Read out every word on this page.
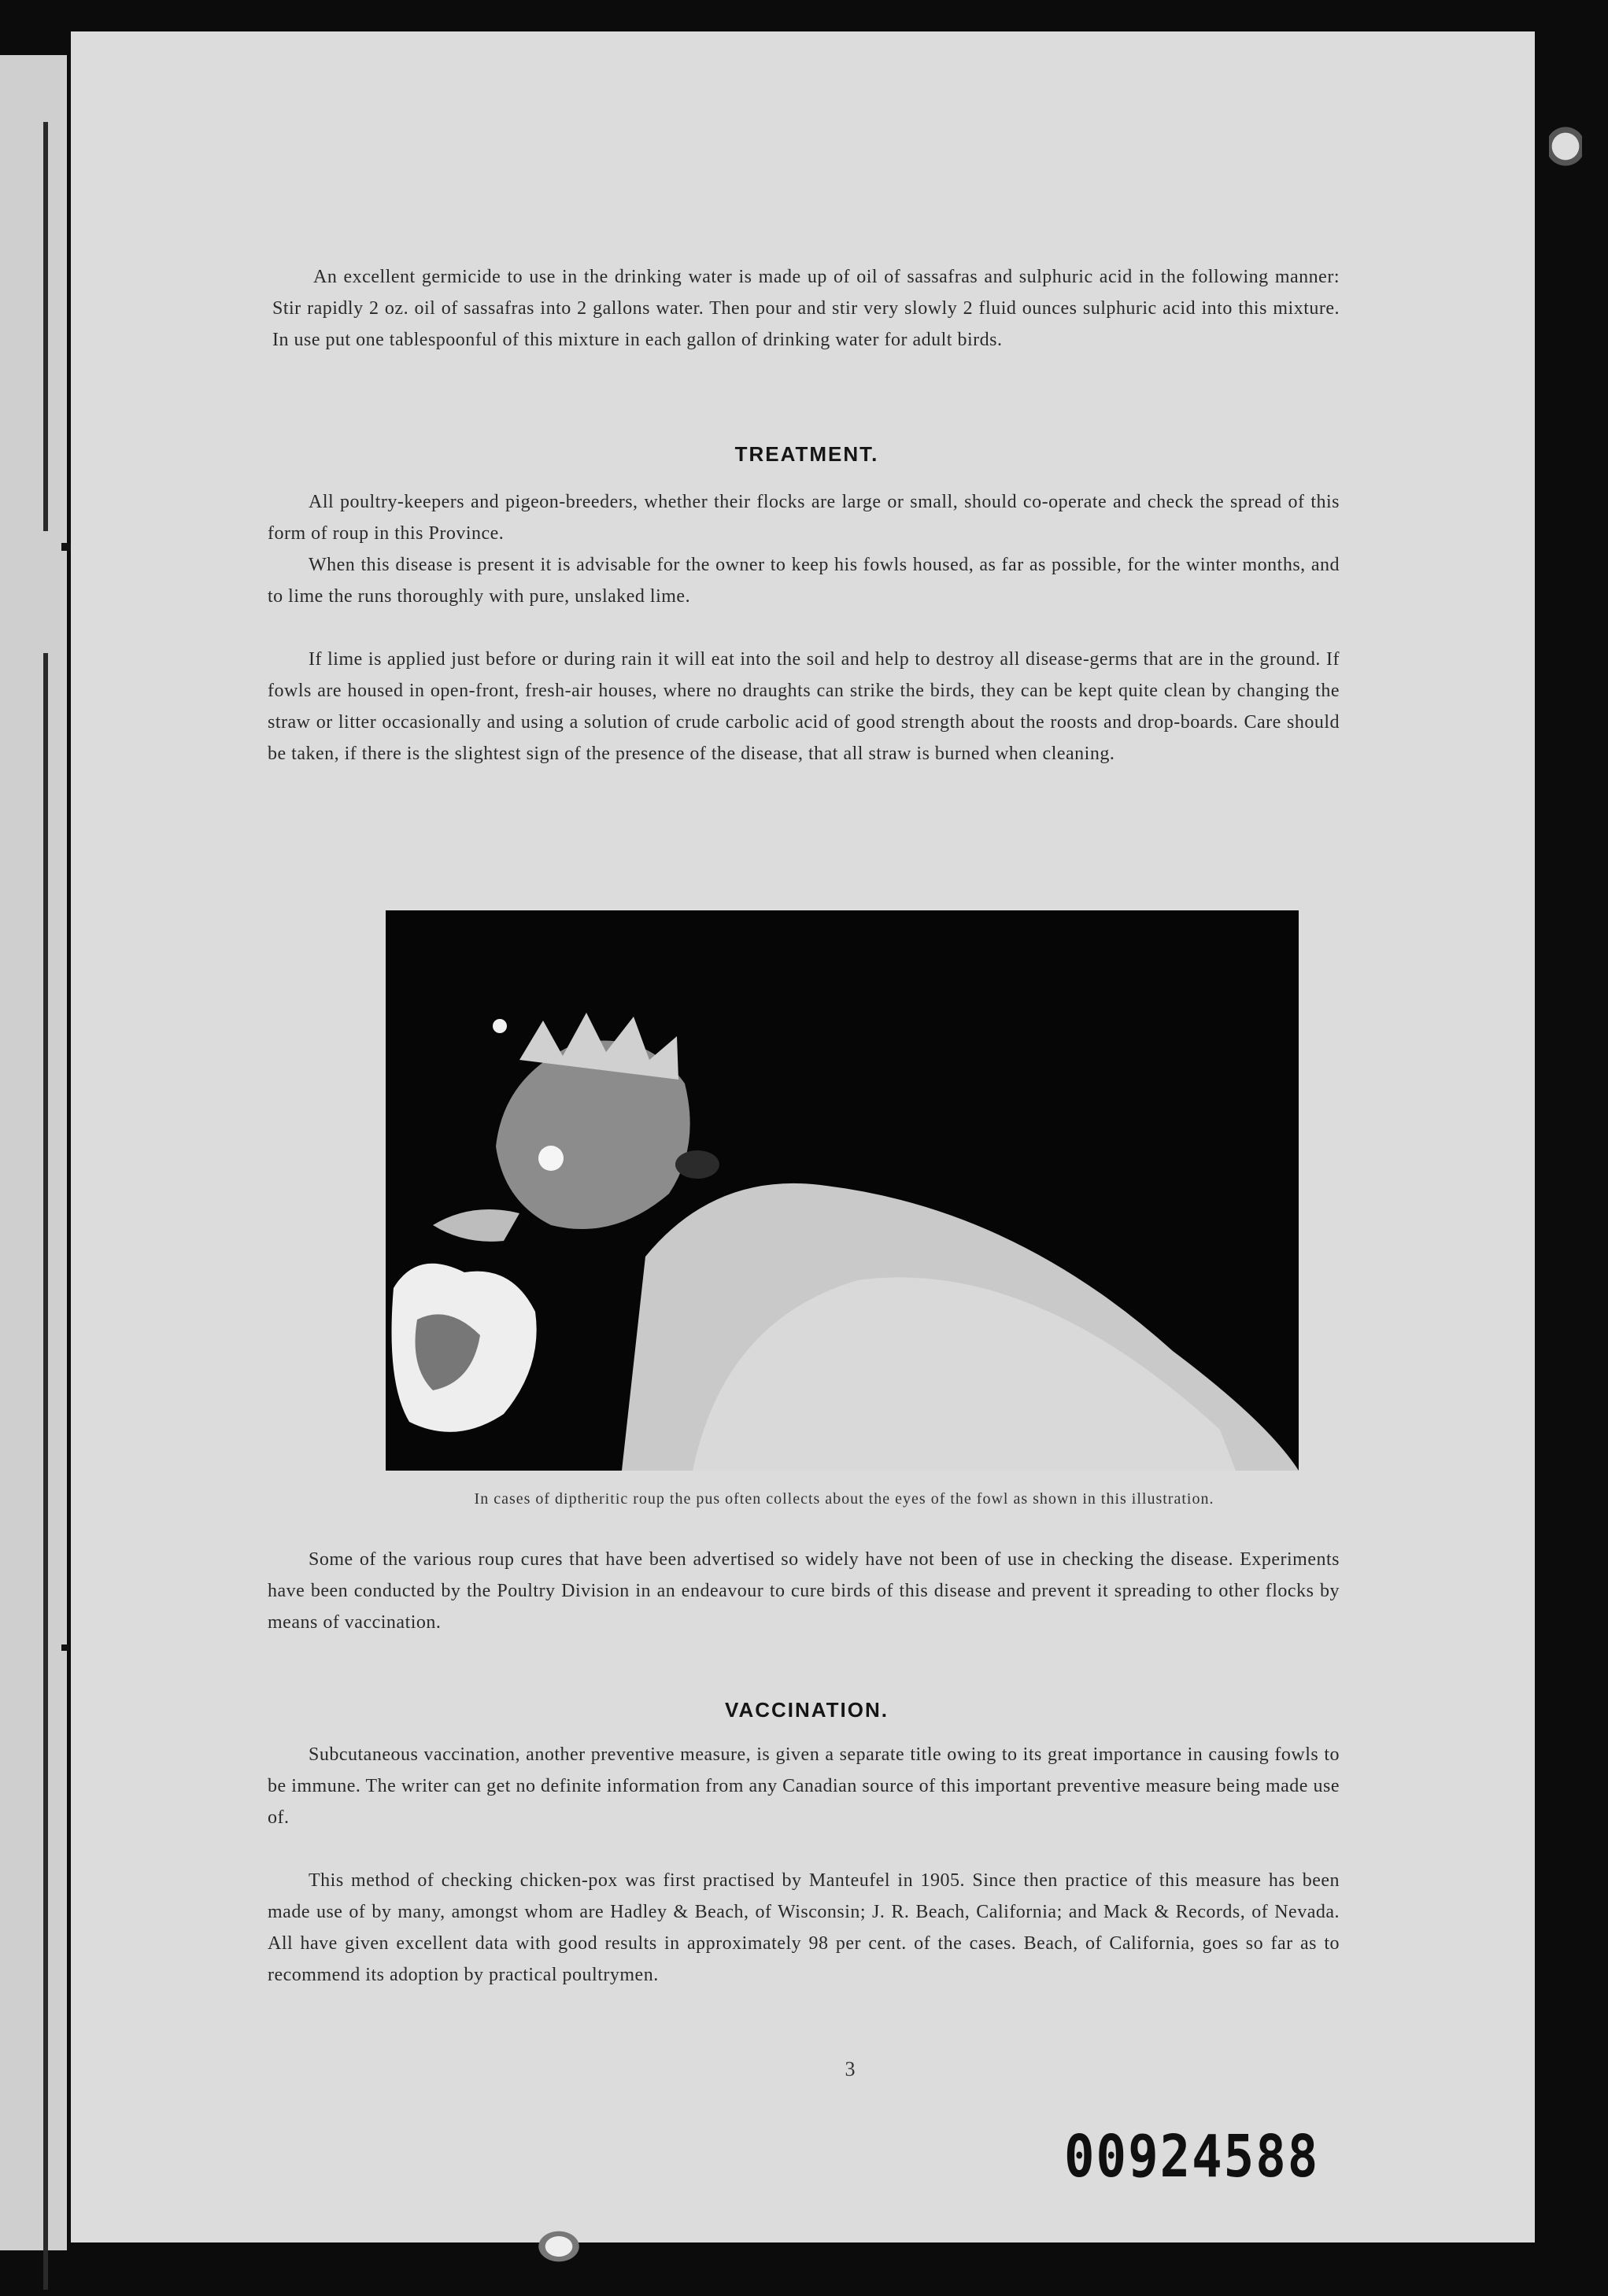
An excellent germicide to use in the drinking water is made up of oil of sassafras and sulphuric acid in the following manner: Stir rapidly 2 oz. oil of sassafras into 2 gallons water. Then pour and stir very slowly 2 fluid ounces sulphuric acid into this mixture. In use put one tablespoonful of this mixture in each gallon of drinking water for adult birds.

TREATMENT.

All poultry-keepers and pigeon-breeders, whether their flocks are large or small, should co-operate and check the spread of this form of roup in this Province.

When this disease is present it is advisable for the owner to keep his fowls housed, as far as possible, for the winter months, and to lime the runs thoroughly with pure, unslaked lime.

If lime is applied just before or during rain it will eat into the soil and help to destroy all disease-germs that are in the ground. If fowls are housed in open-front, fresh-air houses, where no draughts can strike the birds, they can be kept quite clean by changing the straw or litter occasionally and using a solution of crude carbolic acid of good strength about the roosts and drop-boards. Care should be taken, if there is the slightest sign of the presence of the disease, that all straw is burned when cleaning.

In cases of diptheritic roup the pus often collects about the eyes of the fowl as shown in this illustration.

Some of the various roup cures that have been advertised so widely have not been of use in checking the disease. Experiments have been conducted by the Poultry Division in an endeavour to cure birds of this disease and prevent it spreading to other flocks by means of vaccination.

VACCINATION.

Subcutaneous vaccination, another preventive measure, is given a separate title owing to its great importance in causing fowls to be immune. The writer can get no definite information from any Canadian source of this important preventive measure being made use of.

This method of checking chicken-pox was first practised by Manteufel in 1905. Since then practice of this measure has been made use of by many, amongst whom are Hadley & Beach, of Wisconsin; J. R. Beach, California; and Mack & Records, of Nevada. All have given excellent data with good results in approximately 98 per cent. of the cases. Beach, of California, goes so far as to recommend its adoption by practical poultrymen.

3

00924588
